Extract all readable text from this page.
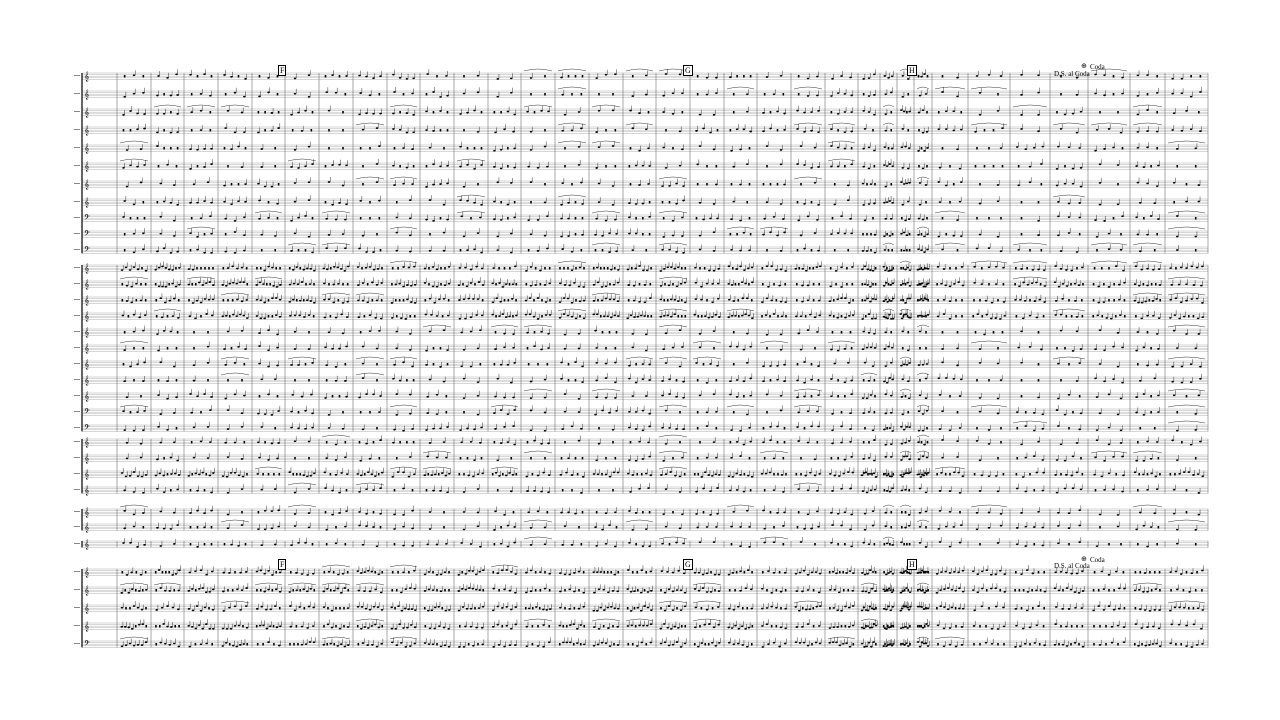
𝄞
𝄞
𝄞
𝄞
𝄞
𝄞
𝄞
𝄞
𝄢
𝄢
𝄢
𝄞
𝄞
𝄞
𝄞
𝄞
𝄞
𝄞
𝄞
𝄞
𝄢
𝄢
𝄞
𝄞
𝄞
𝄞
𝄞
𝄞
𝄞
𝄞
𝄞
𝄞
𝄞
𝄢
F	G	H	D.S. al Coda
⊕ Coda
F	G	H	D.S. al Coda
⊕ Coda
